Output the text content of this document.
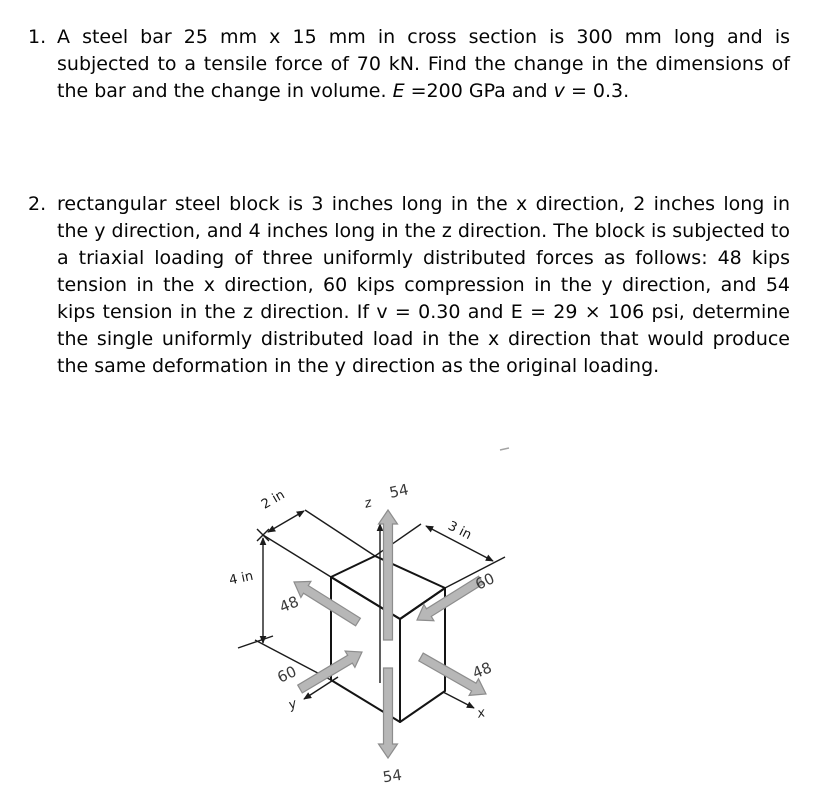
1. A steel bar 25 mm x 15 mm in cross section is 300 mm long and is subjected to a tensile force of 70 kN. Find the change in the dimensions of the bar and the change in volume. E =200 GPa and v = 0.3.
2. rectangular steel block is 3 inches long in the x direction, 2 inches long in the y direction, and 4 inches long in the z direction. The block is subjected to a triaxial loading of three uniformly distributed forces as follows: 48 kips tension in the x direction, 60 kips compression in the y direction, and 54 kips tension in the z direction. If v = 0.30 and E = 29 × 106 psi, determine the single uniformly distributed load in the x direction that would produce the same deformation in the y direction as the original loading.
2 in
3 in
4 in
z
x
y
54
54
48
48
60
60
